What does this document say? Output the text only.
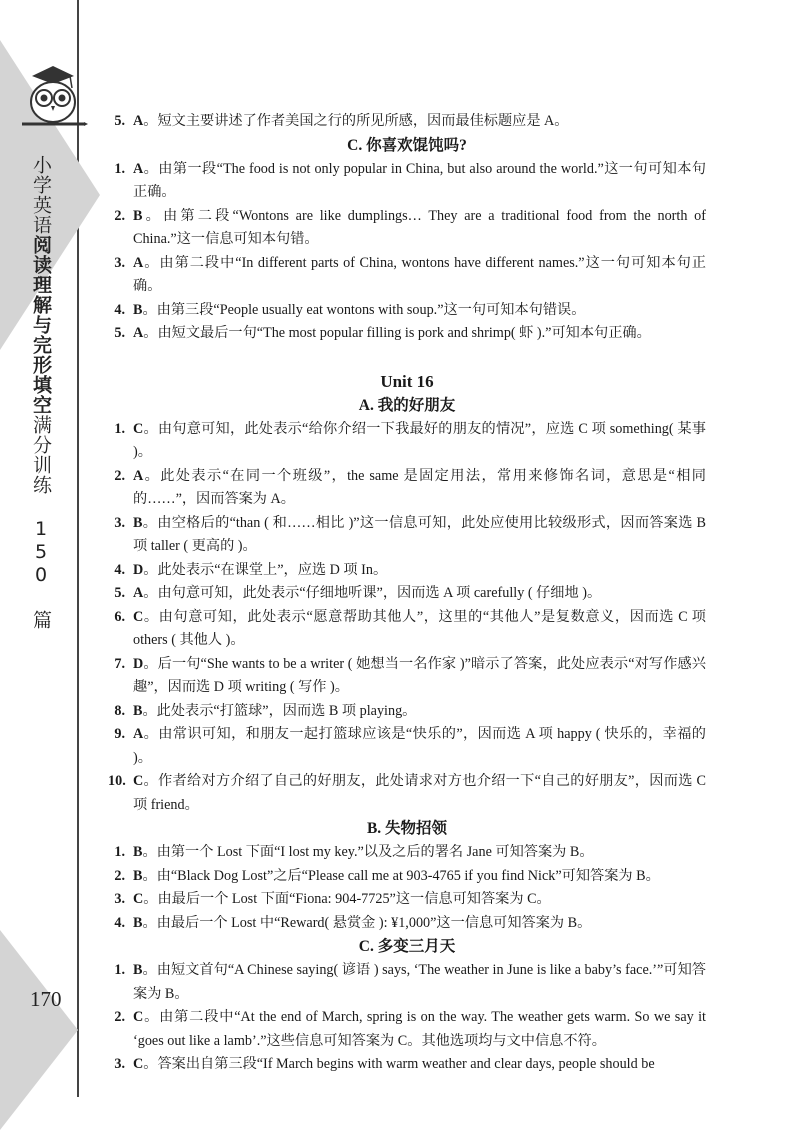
小学英语阅读理解与完形填空满分训练 150 篇
170
5. A。短文主要讲述了作者美国之行的所见所感，因而最佳标题应是 A。
C. 你喜欢馄饨吗?
1. A。由第一段“The food is not only popular in China, but also around the world.”这一句可知本句正确。
2. B。由第二段“Wontons are like dumplings… They are a traditional food from the north of China.”这一信息可知本句错。
3. A。由第二段中“In different parts of China, wontons have different names.”这一句可知本句正确。
4. B。由第三段“People usually eat wontons with soup.”这一句可知本句错误。
5. A。由短文最后一句“The most popular filling is pork and shrimp( 虾 ).”可知本句正确。
Unit 16
A. 我的好朋友
1. C。由句意可知，此处表示“给你介绍一下我最好的朋友的情况”，应选 C 项 something( 某事 )。
2. A。此处表示“在同一个班级”，the same 是固定用法，常用来修饰名词，意思是“相同的……”，因而答案为 A。
3. B。由空格后的“than ( 和……相比 )”这一信息可知，此处应使用比较级形式，因而答案选 B 项 taller ( 更高的 )。
4. D。此处表示“在课堂上”，应选 D 项 In。
5. A。由句意可知，此处表示“仔细地听课”，因而选 A 项 carefully ( 仔细地 )。
6. C。由句意可知，此处表示“愿意帮助其他人”，这里的“其他人”是复数意义，因而选 C 项 others ( 其他人 )。
7. D。后一句“She wants to be a writer ( 她想当一名作家 )”暗示了答案，此处应表示“对写作感兴趣”，因而选 D 项 writing ( 写作 )。
8. B。此处表示“打篮球”，因而选 B 项 playing。
9. A。由常识可知，和朋友一起打篮球应该是“快乐的”，因而选 A 项 happy ( 快乐的，幸福的 )。
10. C。作者给对方介绍了自己的好朋友，此处请求对方也介绍一下“自己的好朋友”，因而选 C 项 friend。
B. 失物招领
1. B。由第一个 Lost 下面“I lost my key.”以及之后的署名 Jane 可知答案为 B。
2. B。由“Black Dog Lost”之后“Please call me at 903-4765 if you find Nick”可知答案为 B。
3. C。由最后一个 Lost 下面“Fiona: 904-7725”这一信息可知答案为 C。
4. B。由最后一个 Lost 中“Reward( 悬赏金 ): ¥1,000”这一信息可知答案为 B。
C. 多变三月天
1. B。由短文首句“A Chinese saying( 谚语 ) says, ‘The weather in June is like a baby’s face.’”可知答案为 B。
2. C。由第二段中“At the end of March, spring is on the way. The weather gets warm. So we say it ‘goes out like a lamb’.”这些信息可知答案为 C。其他选项均与文中信息不符。
3. C。答案出自第三段“If March begins with warm weather and clear days, people should be
